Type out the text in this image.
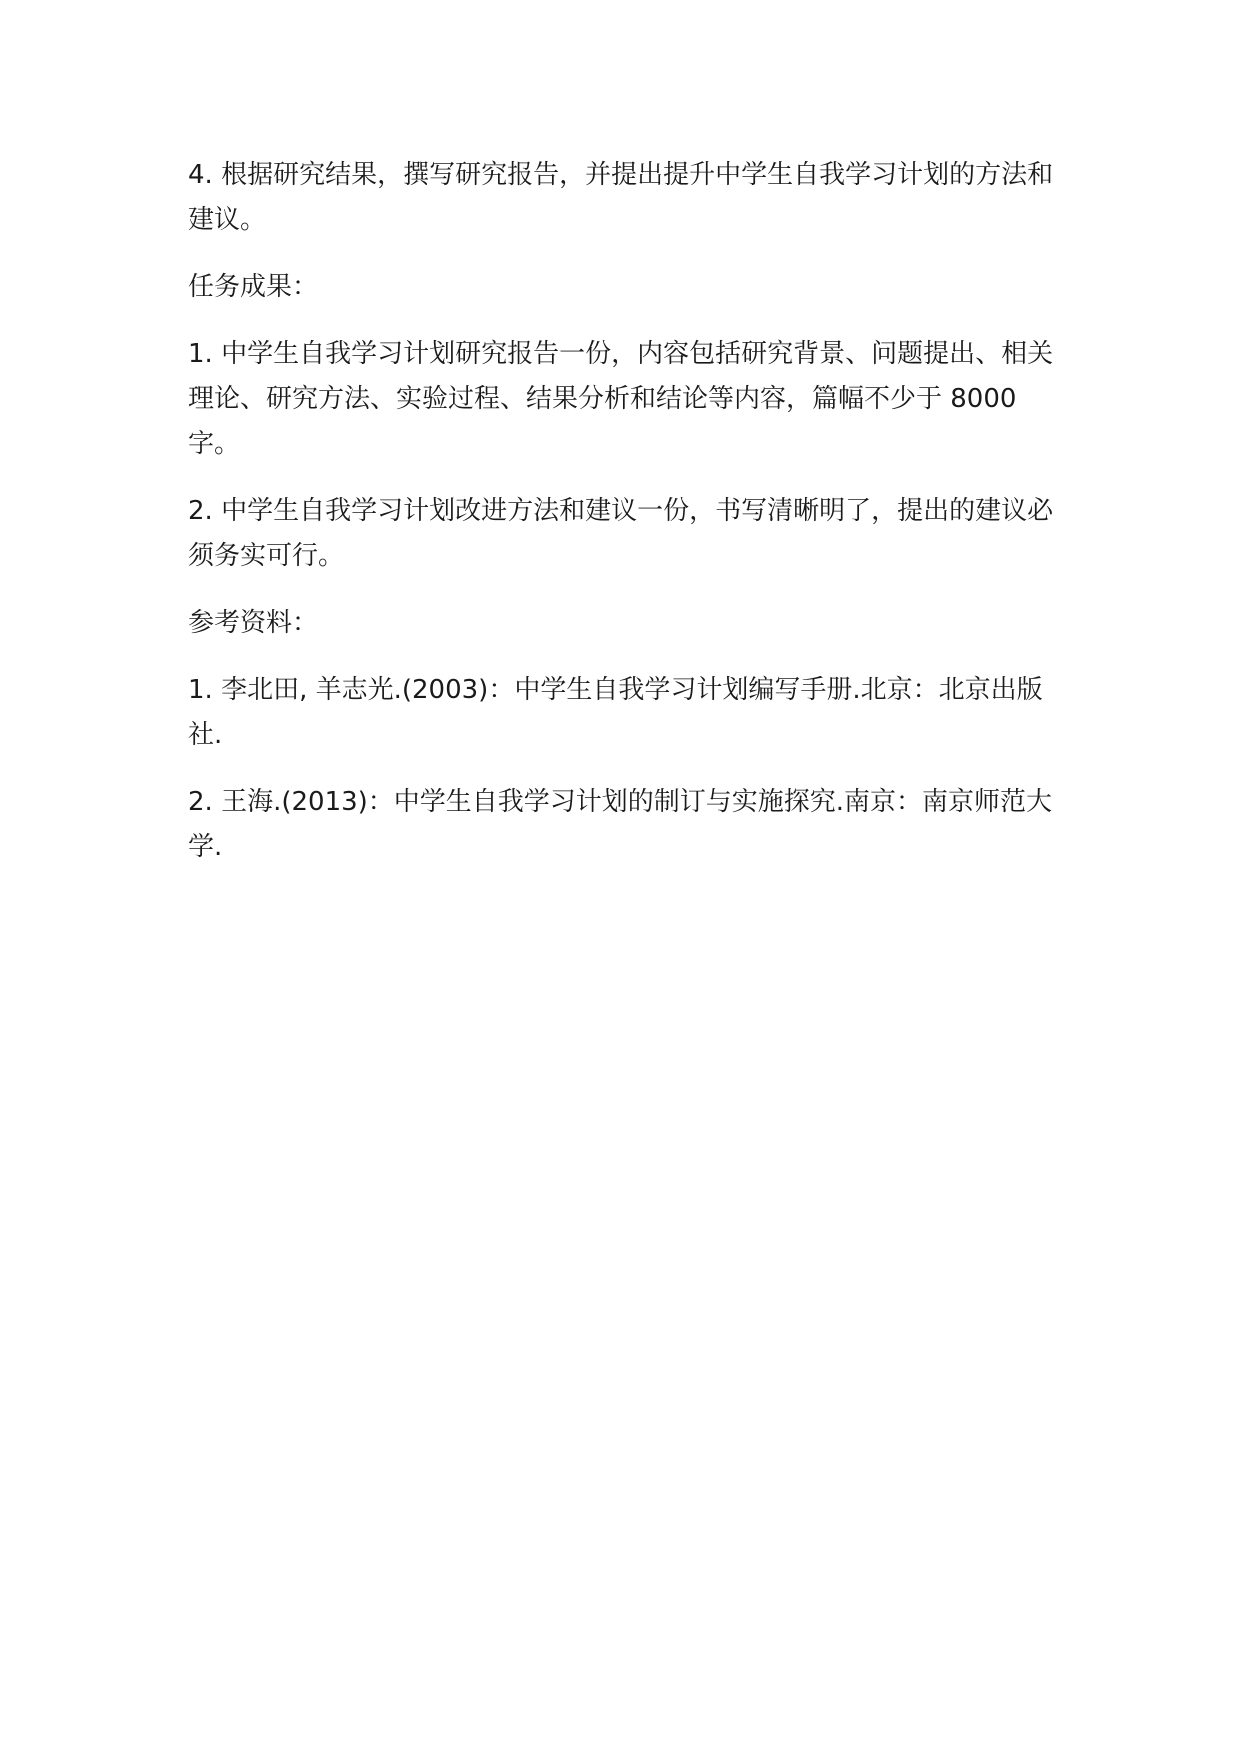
4. 根据研究结果，撰写研究报告，并提出提升中学生自我学习计划的方法和建议。

任务成果：

1. 中学生自我学习计划研究报告一份，内容包括研究背景、问题提出、相关理论、研究方法、实验过程、结果分析和结论等内容，篇幅不少于 8000 字。

2. 中学生自我学习计划改进方法和建议一份，书写清晰明了，提出的建议必须务实可行。

参考资料：

1. 李北田, 羊志光.(2003)：中学生自我学习计划编写手册.北京：北京出版社.

2. 王海.(2013)：中学生自我学习计划的制订与实施探究.南京：南京师范大学.
